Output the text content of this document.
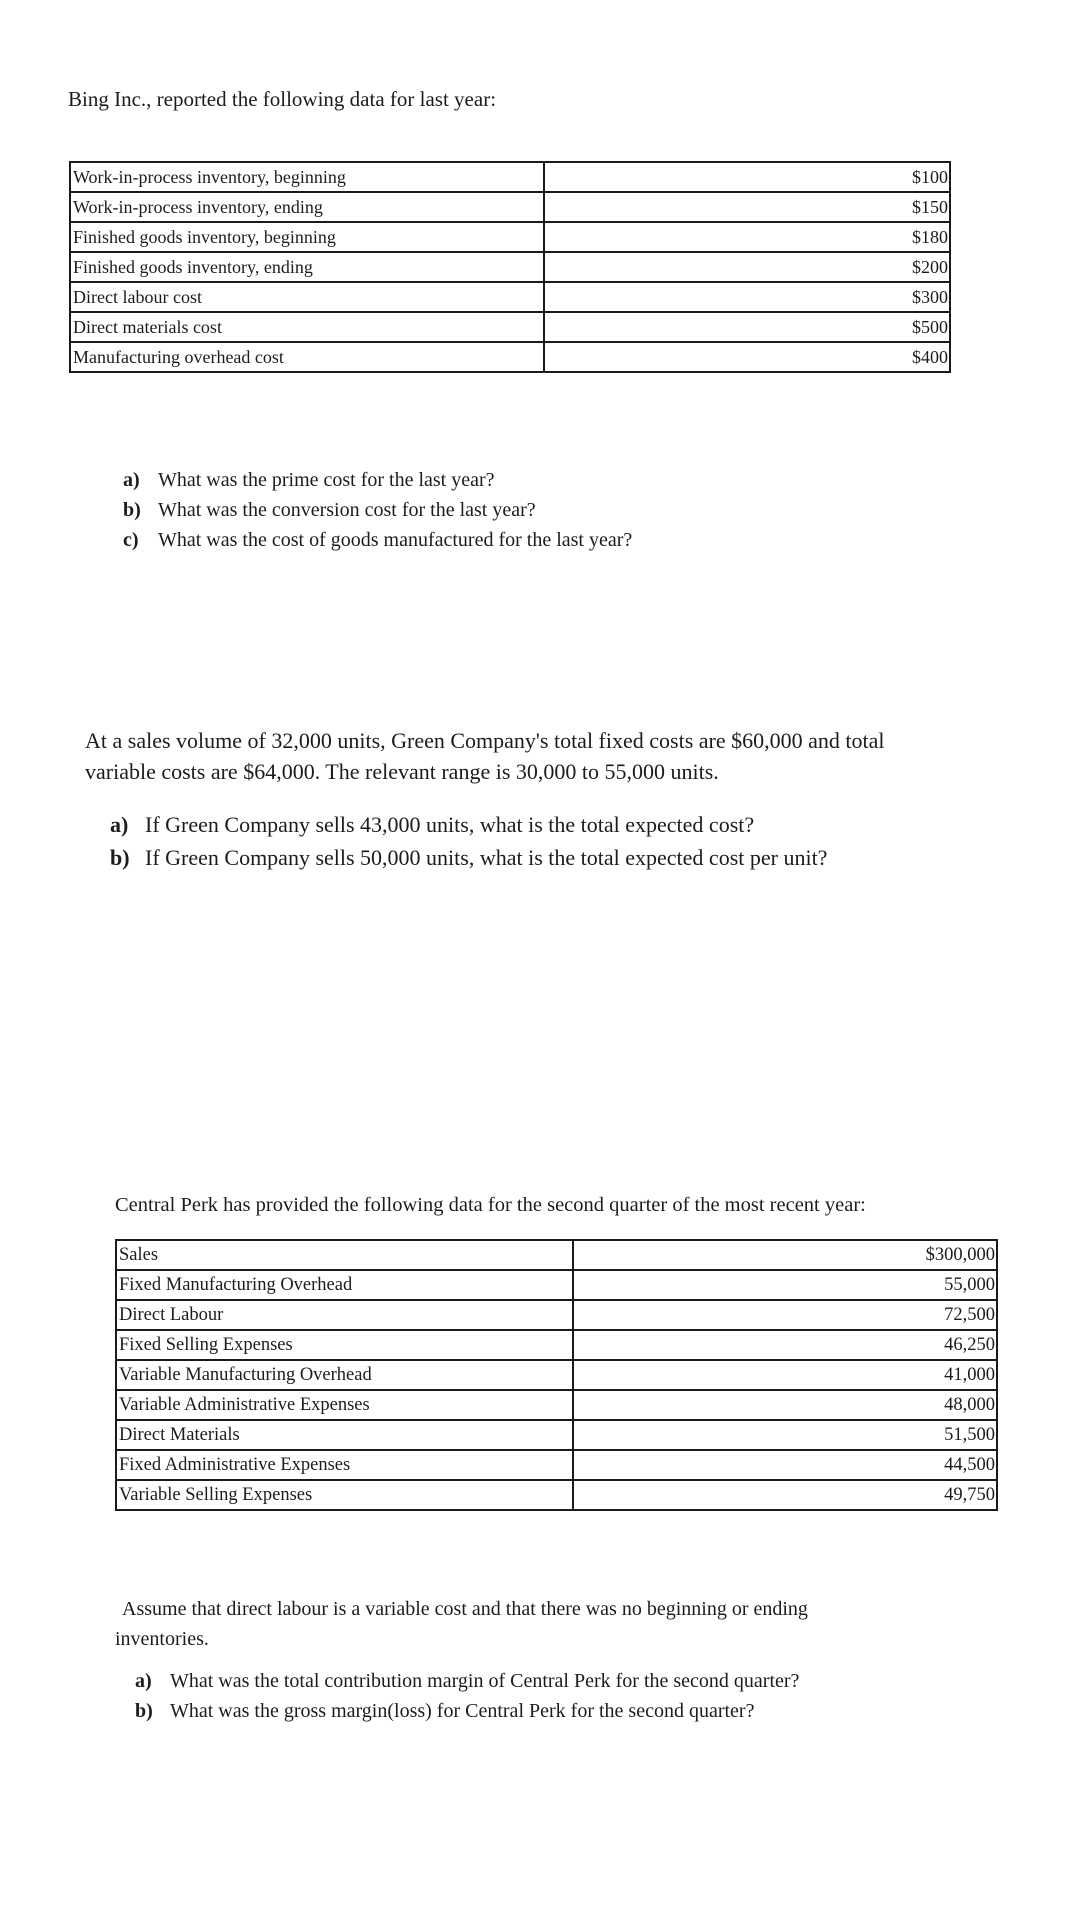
Bing Inc., reported the following data for last year:
Work-in-process inventory, beginning	$100
Work-in-process inventory, ending	$150
Finished goods inventory, beginning	$180
Finished goods inventory, ending	$200
Direct labour cost	$300
Direct materials cost	$500
Manufacturing overhead cost	$400
a) What was the prime cost for the last year?
b) What was the conversion cost for the last year?
c) What was the cost of goods manufactured for the last year?
At a sales volume of 32,000 units, Green Company's total fixed costs are $60,000 and total
variable costs are $64,000. The relevant range is 30,000 to 55,000 units.
a) If Green Company sells 43,000 units, what is the total expected cost?
b) If Green Company sells 50,000 units, what is the total expected cost per unit?
Central Perk has provided the following data for the second quarter of the most recent year:
Sales	$300,000
Fixed Manufacturing Overhead	55,000
Direct Labour	72,500
Fixed Selling Expenses	46,250
Variable Manufacturing Overhead	41,000
Variable Administrative Expenses	48,000
Direct Materials	51,500
Fixed Administrative Expenses	44,500
Variable Selling Expenses	49,750
Assume that direct labour is a variable cost and that there was no beginning or ending
inventories.
a) What was the total contribution margin of Central Perk for the second quarter?
b) What was the gross margin(loss) for Central Perk for the second quarter?
